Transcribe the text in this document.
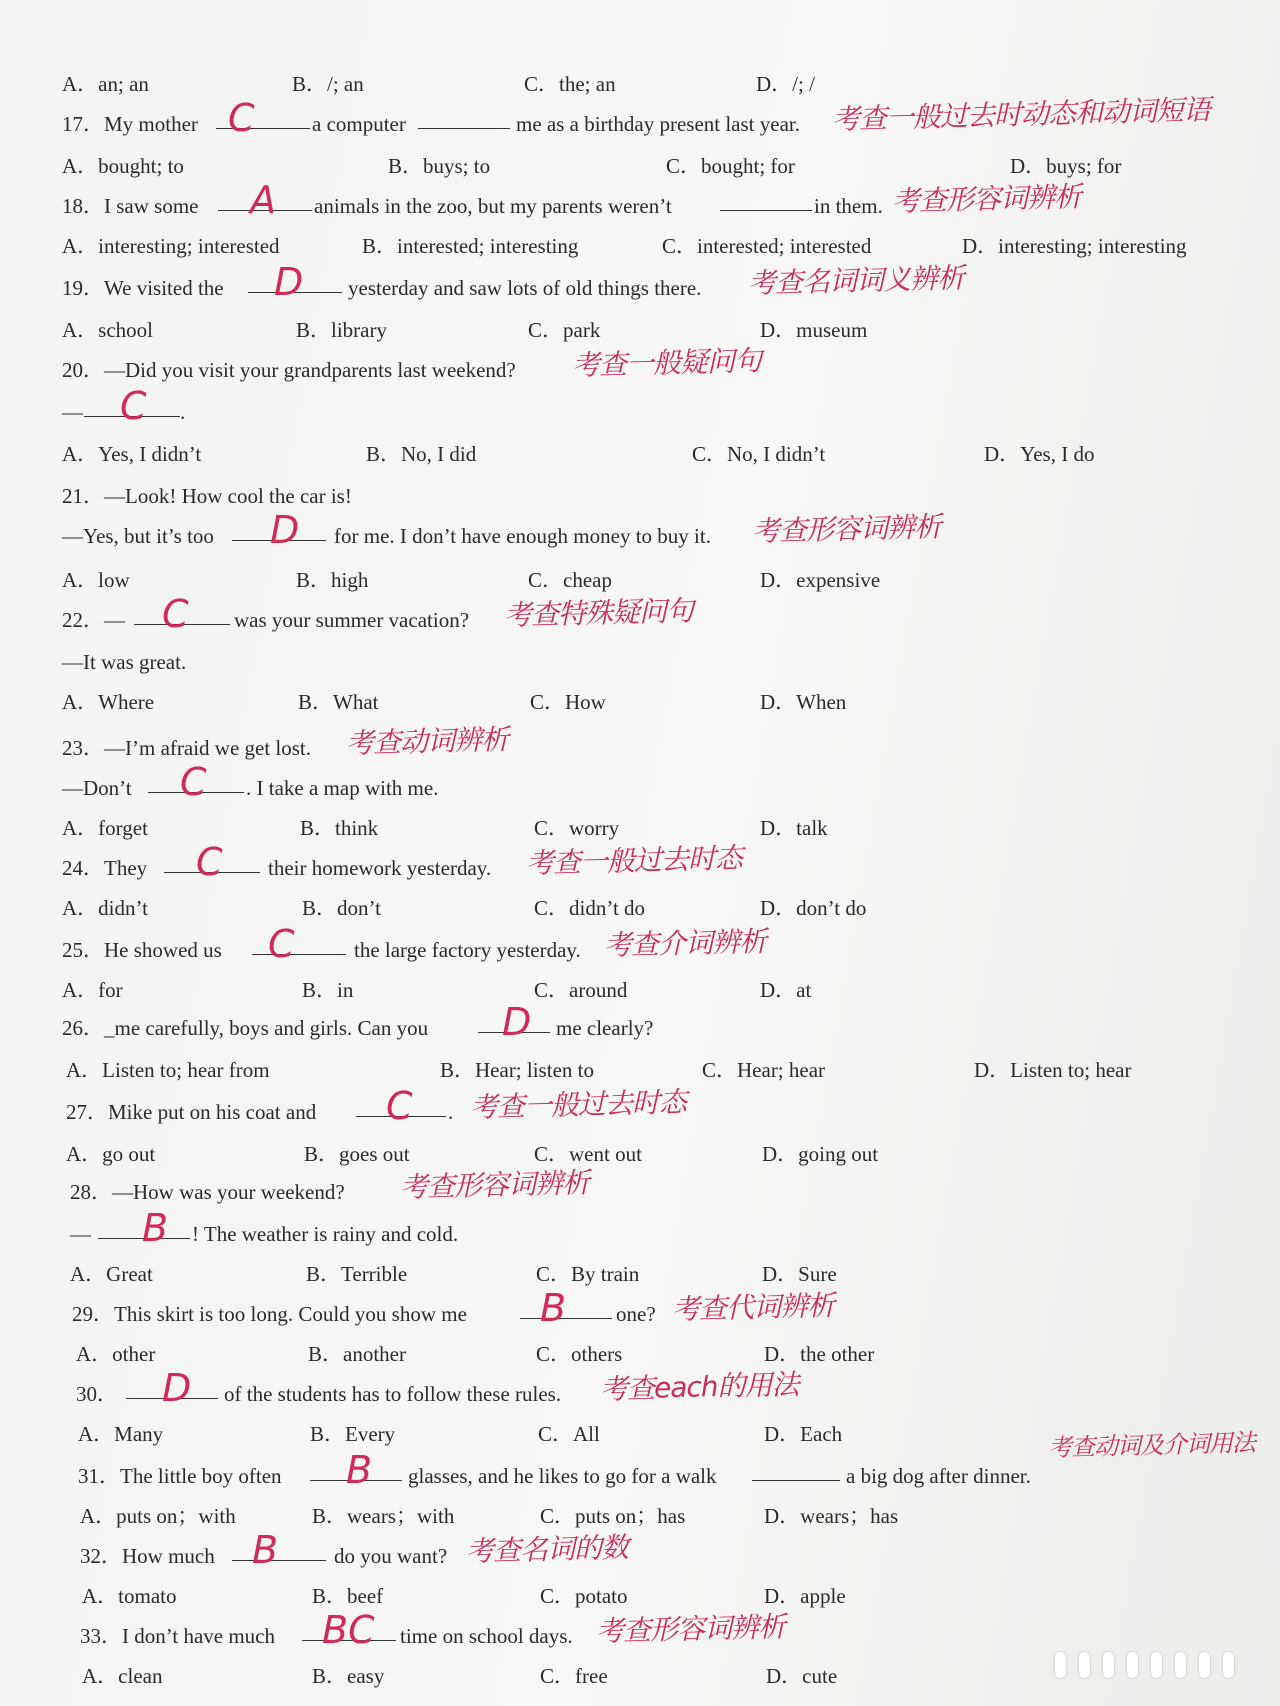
A．an; an	B．/; an	C．the; an	D．/; /
17．My mother C	a computer	me as a birthday present last year. 考查一般过去时动态和动词短语
A．bought; to	B．buys; to	C．bought; for	D．buys; for
18．I saw some A animals in the zoo, but my parents weren’t	in them. 考查形容词辨析
A．interesting; interested	B．interested; interesting	C．interested; interested	D．interesting; interesting
19．We visited the D yesterday and saw lots of old things there. 考查名词词义辨析
A．school	B．library	C．park	D．museum
20．—Did you visit your grandparents last weekend? 考查一般疑问句
— C .
A．Yes, I didn’t	B．No, I did	C．No, I didn’t	D．Yes, I do
21．—Look! How cool the car is!
—Yes, but it’s too D for me. I don’t have enough money to buy it. 考查形容词辨析
A．low	B．high	C．cheap	D．expensive
22．— C was your summer vacation? 考查特殊疑问句
—It was great.
A．Where	B．What	C．How	D．When
23．—I’m afraid we get lost. 考查动词辨析
—Don’t C . I take a map with me.
A．forget	B．think	C．worry	D．talk
24．They C their homework yesterday. 考查一般过去时态
A．didn’t	B．don’t	C．didn’t do	D．don’t do
25．He showed us C	the large factory yesterday. 考查介词辨析
A．for	B．in	C．around	D．at
26．_me carefully, boys and girls. Can you D me clearly?
A．Listen to; hear from	B．Hear; listen to	C．Hear; hear	D．Listen to; hear
27．Mike put on his coat and C . 考查一般过去时态
A．go out	B．goes out	C．went out	D．going out
28．—How was your weekend? 考查形容词辨析
— B ! The weather is rainy and cold.
A．Great	B．Terrible	C．By train	D．Sure
29．This skirt is too long. Could you show me B one? 考查代词辨析
A．other	B．another	C．others	D．the other
30． D of the students has to follow these rules. 考查each的用法
A．Many	B．Every	C．All	D．Each
31．The little boy often B glasses, and he likes to go for a walk	a big dog after dinner.
考查动词及介词用法
A．puts on；with	B．wears；with	C．puts on；has	D．wears；has
32．How much B	do you want? 考查名词的数
A．tomato	B．beef	C．potato	D．apple
33．I don’t have much BC time on school days. 考查形容词辨析
A．clean	B．easy	C．free	D．cute
